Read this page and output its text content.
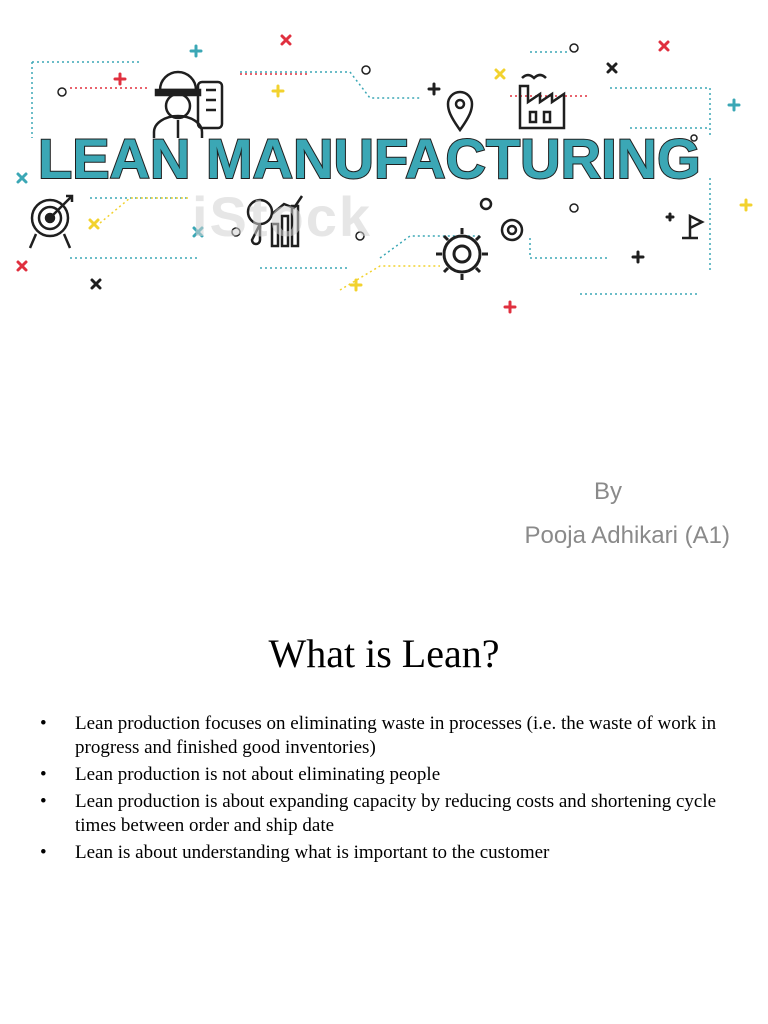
iStock
LEAN MANUFACTURING
By
Pooja Adhikari (A1)
What is Lean?
• Lean production focuses on eliminating waste in processes (i.e. the waste of work in progress and finished good inventories)
• Lean production is not about eliminating people
• Lean production is about expanding capacity by reducing costs and shortening cycle times between order and ship date
• Lean is about understanding what is important to the customer
